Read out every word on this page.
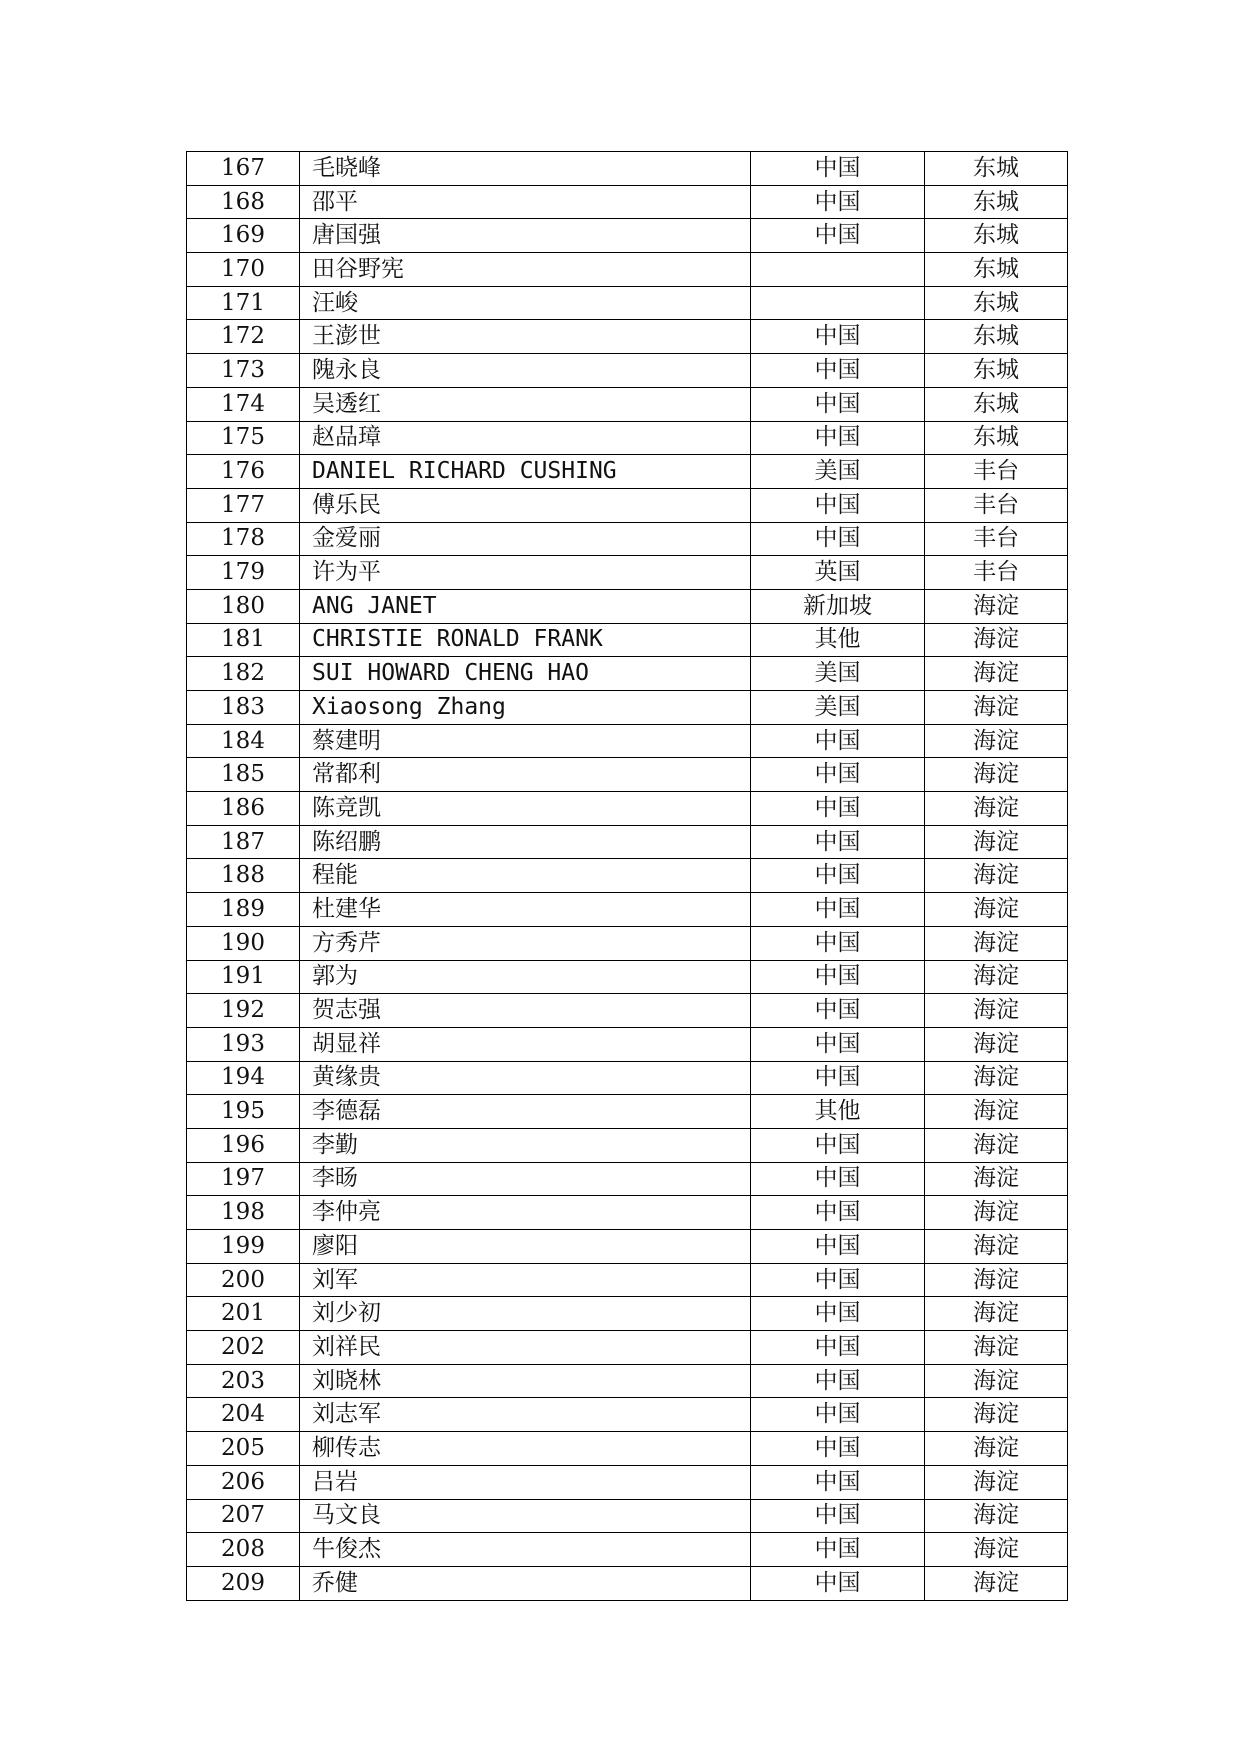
167	毛晓峰	中国	东城
168	邵平	中国	东城
169	唐国强	中国	东城
170	田谷野宪		东城
171	汪峻		东城
172	王澎世	中国	东城
173	隗永良	中国	东城
174	吴透红	中国	东城
175	赵品璋	中国	东城
176	DANIEL RICHARD CUSHING	美国	丰台
177	傅乐民	中国	丰台
178	金爱丽	中国	丰台
179	许为平	英国	丰台
180	ANG JANET	新加坡	海淀
181	CHRISTIE RONALD FRANK	其他	海淀
182	SUI HOWARD CHENG HAO	美国	海淀
183	Xiaosong Zhang	美国	海淀
184	蔡建明	中国	海淀
185	常都利	中国	海淀
186	陈竞凯	中国	海淀
187	陈绍鹏	中国	海淀
188	程能	中国	海淀
189	杜建华	中国	海淀
190	方秀芹	中国	海淀
191	郭为	中国	海淀
192	贺志强	中国	海淀
193	胡显祥	中国	海淀
194	黄缘贵	中国	海淀
195	李德磊	其他	海淀
196	李勤	中国	海淀
197	李旸	中国	海淀
198	李仲亮	中国	海淀
199	廖阳	中国	海淀
200	刘军	中国	海淀
201	刘少初	中国	海淀
202	刘祥民	中国	海淀
203	刘晓林	中国	海淀
204	刘志军	中国	海淀
205	柳传志	中国	海淀
206	吕岩	中国	海淀
207	马文良	中国	海淀
208	牛俊杰	中国	海淀
209	乔健	中国	海淀
